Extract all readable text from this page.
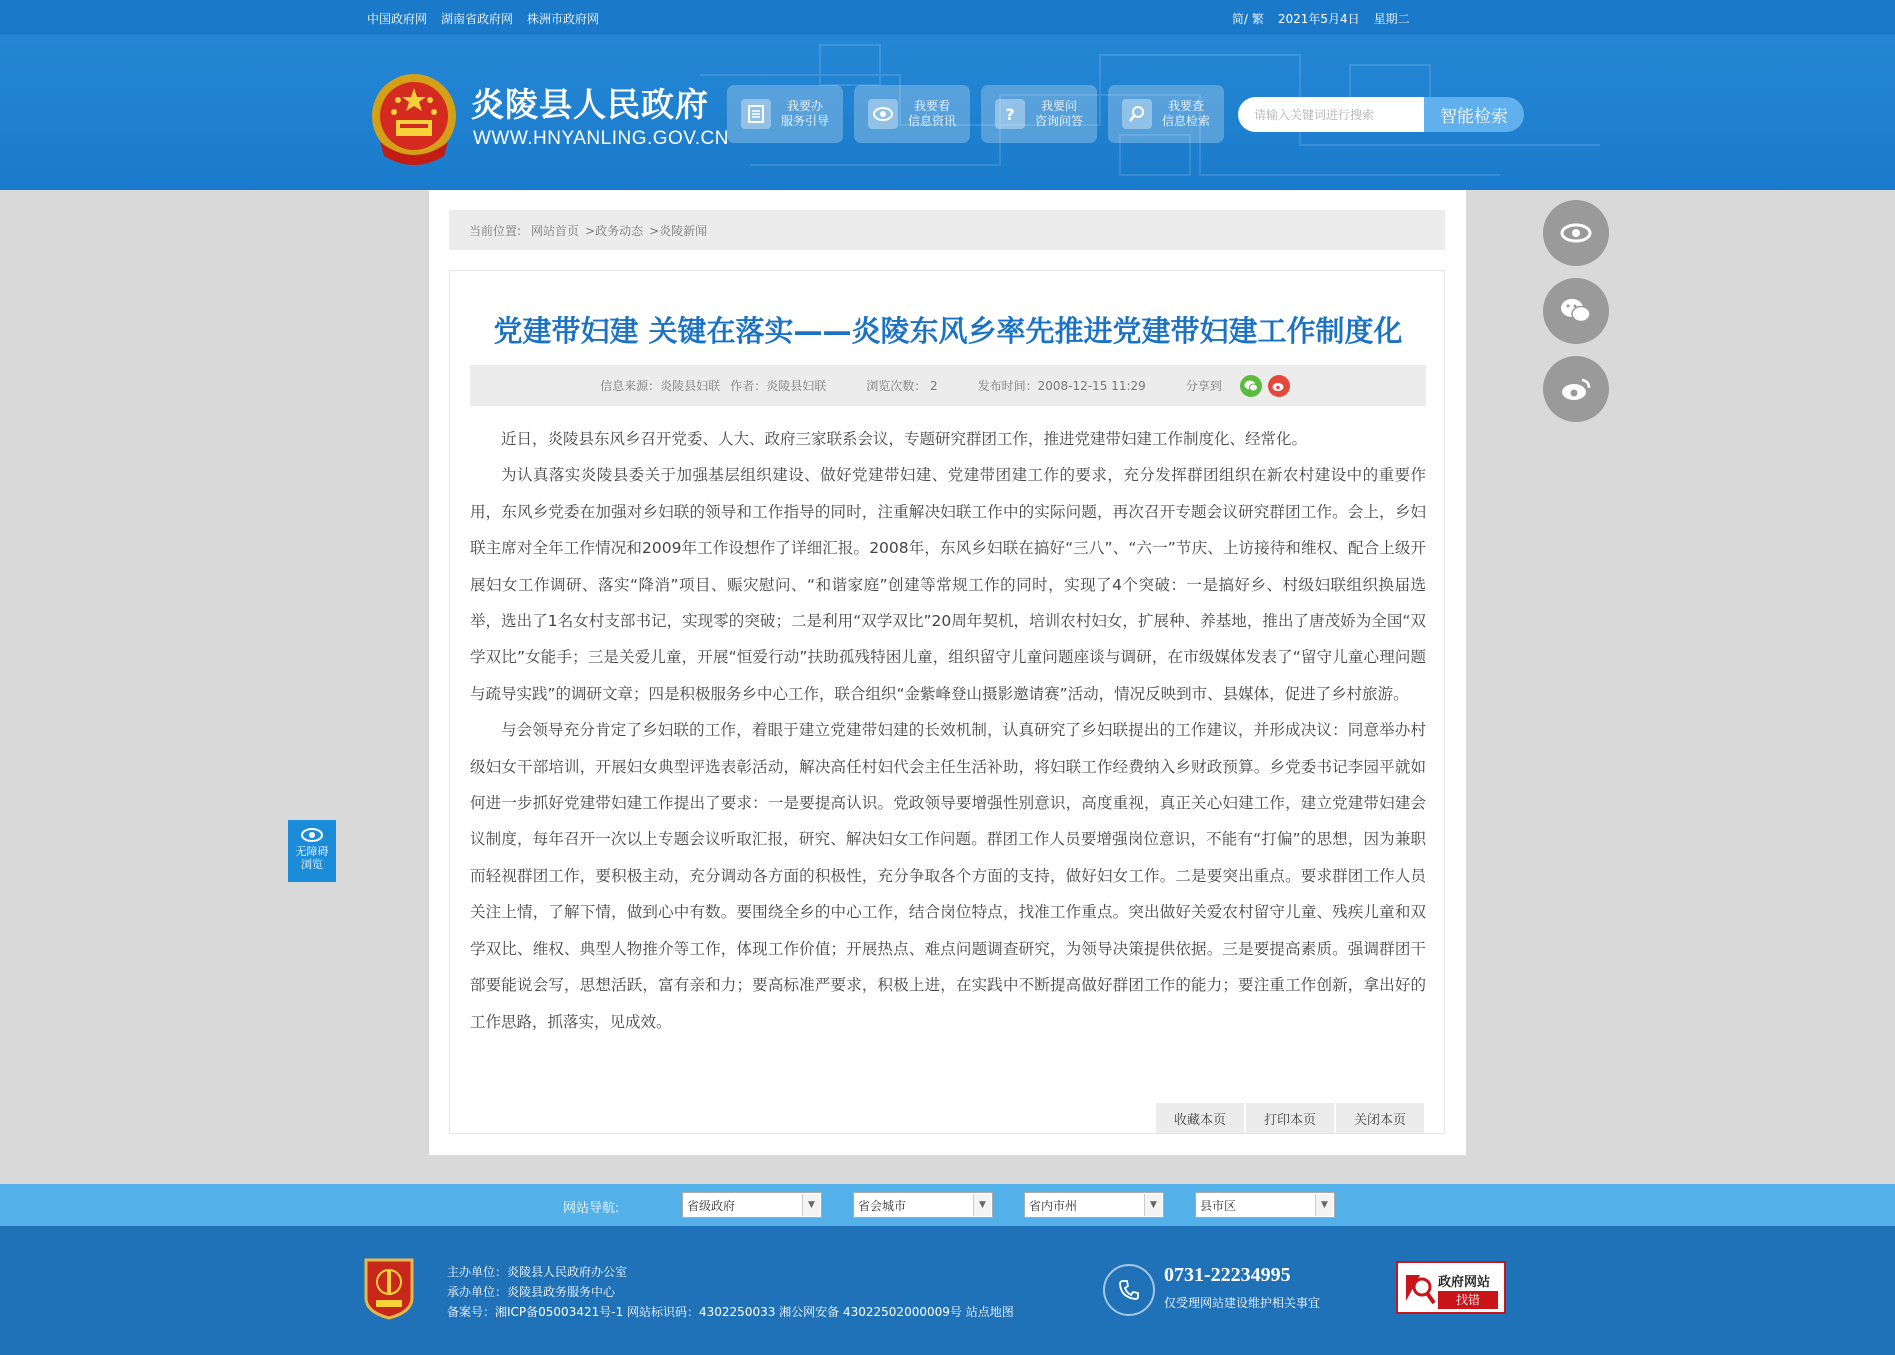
中国政府网 湖南省政府网 株洲市政府网	简/ 繁 2021年5月4日 星期二
炎陵县人民政府
WWW.HNYANLING.GOV.CN
我要办
服务引导
我要看
信息资讯	?	我要问
咨询问答
我要查
信息检索
请输入关键词进行搜索	智能检索
当前位置: 网站首页 >政务动态 >炎陵新闻
党建带妇建 关键在落实——炎陵东风乡率先推进党建带妇建工作制度化
信息来源：炎陵县妇联 作者：炎陵县妇联	浏览次数： 2	发布时间：2008-12-15 11:29	分享到

近日，炎陵县东风乡召开党委、人大、政府三家联系会议，专题研究群团工作，推进党建带妇建工作制度化、经常化。

为认真落实炎陵县委关于加强基层组织建设、做好党建带妇建、党建带团建工作的要求，充分发挥群团组织在新农村建设中的重要作用，东风乡党委在加强对乡妇联的领导和工作指导的同时，注重解决妇联工作中的实际问题，再次召开专题会议研究群团工作。会上，乡妇联主席对全年工作情况和2009年工作设想作了详细汇报。2008年，东风乡妇联在搞好“三八”、“六一”节庆、上访接待和维权、配合上级开展妇女工作调研、落实“降消”项目、赈灾慰问、“和谐家庭”创建等常规工作的同时，实现了4个突破：一是搞好乡、村级妇联组织换届选举，选出了1名女村支部书记，实现零的突破；二是利用“双学双比”20周年契机，培训农村妇女，扩展种、养基地，推出了唐茂娇为全国“双学双比”女能手；三是关爱儿童，开展“恒爱行动”扶助孤残特困儿童，组织留守儿童问题座谈与调研，在市级媒体发表了“留守儿童心理问题与疏导实践”的调研文章；四是积极服务乡中心工作，联合组织“金紫峰登山摄影邀请赛”活动，情况反映到市、县媒体，促进了乡村旅游。

与会领导充分肯定了乡妇联的工作，着眼于建立党建带妇建的长效机制，认真研究了乡妇联提出的工作建议，并形成决议：同意举办村级妇女干部培训，开展妇女典型评选表彰活动，解决高任村妇代会主任生活补助，将妇联工作经费纳入乡财政预算。乡党委书记李园平就如何进一步抓好党建带妇建工作提出了要求：一是要提高认识。党政领导要增强性别意识，高度重视，真正关心妇建工作，建立党建带妇建会议制度，每年召开一次以上专题会议听取汇报，研究、解决妇女工作问题。群团工作人员要增强岗位意识，不能有“打偏”的思想，因为兼职而轻视群团工作，要积极主动，充分调动各方面的积极性，充分争取各个方面的支持，做好妇女工作。二是要突出重点。要求群团工作人员关注上情，了解下情，做到心中有数。要围绕全乡的中心工作，结合岗位特点，找准工作重点。突出做好关爱农村留守儿童、残疾儿童和双学双比、维权、典型人物推介等工作，体现工作价值；开展热点、难点问题调查研究，为领导决策提供依据。三是要提高素质。强调群团干部要能说会写，思想活跃，富有亲和力；要高标准严要求，积极上进，在实践中不断提高做好群团工作的能力；要注重工作创新，拿出好的工作思路，抓落实，见成效。

收藏本页	打印本页	关闭本页
无障碍
浏览
网站导航:	省级政府	▼	省会城市	▼	省内市州	▼	县市区	▼
主办单位：炎陵县人民政府办公室
承办单位：炎陵县政务服务中心
备案号：湘ICP备05003421号-1 网站标识码：4302250033 湘公网安备 43022502000009号 站点地图
0731-22234995
仅受理网站建设维护相关事宜
政府网站
找错
